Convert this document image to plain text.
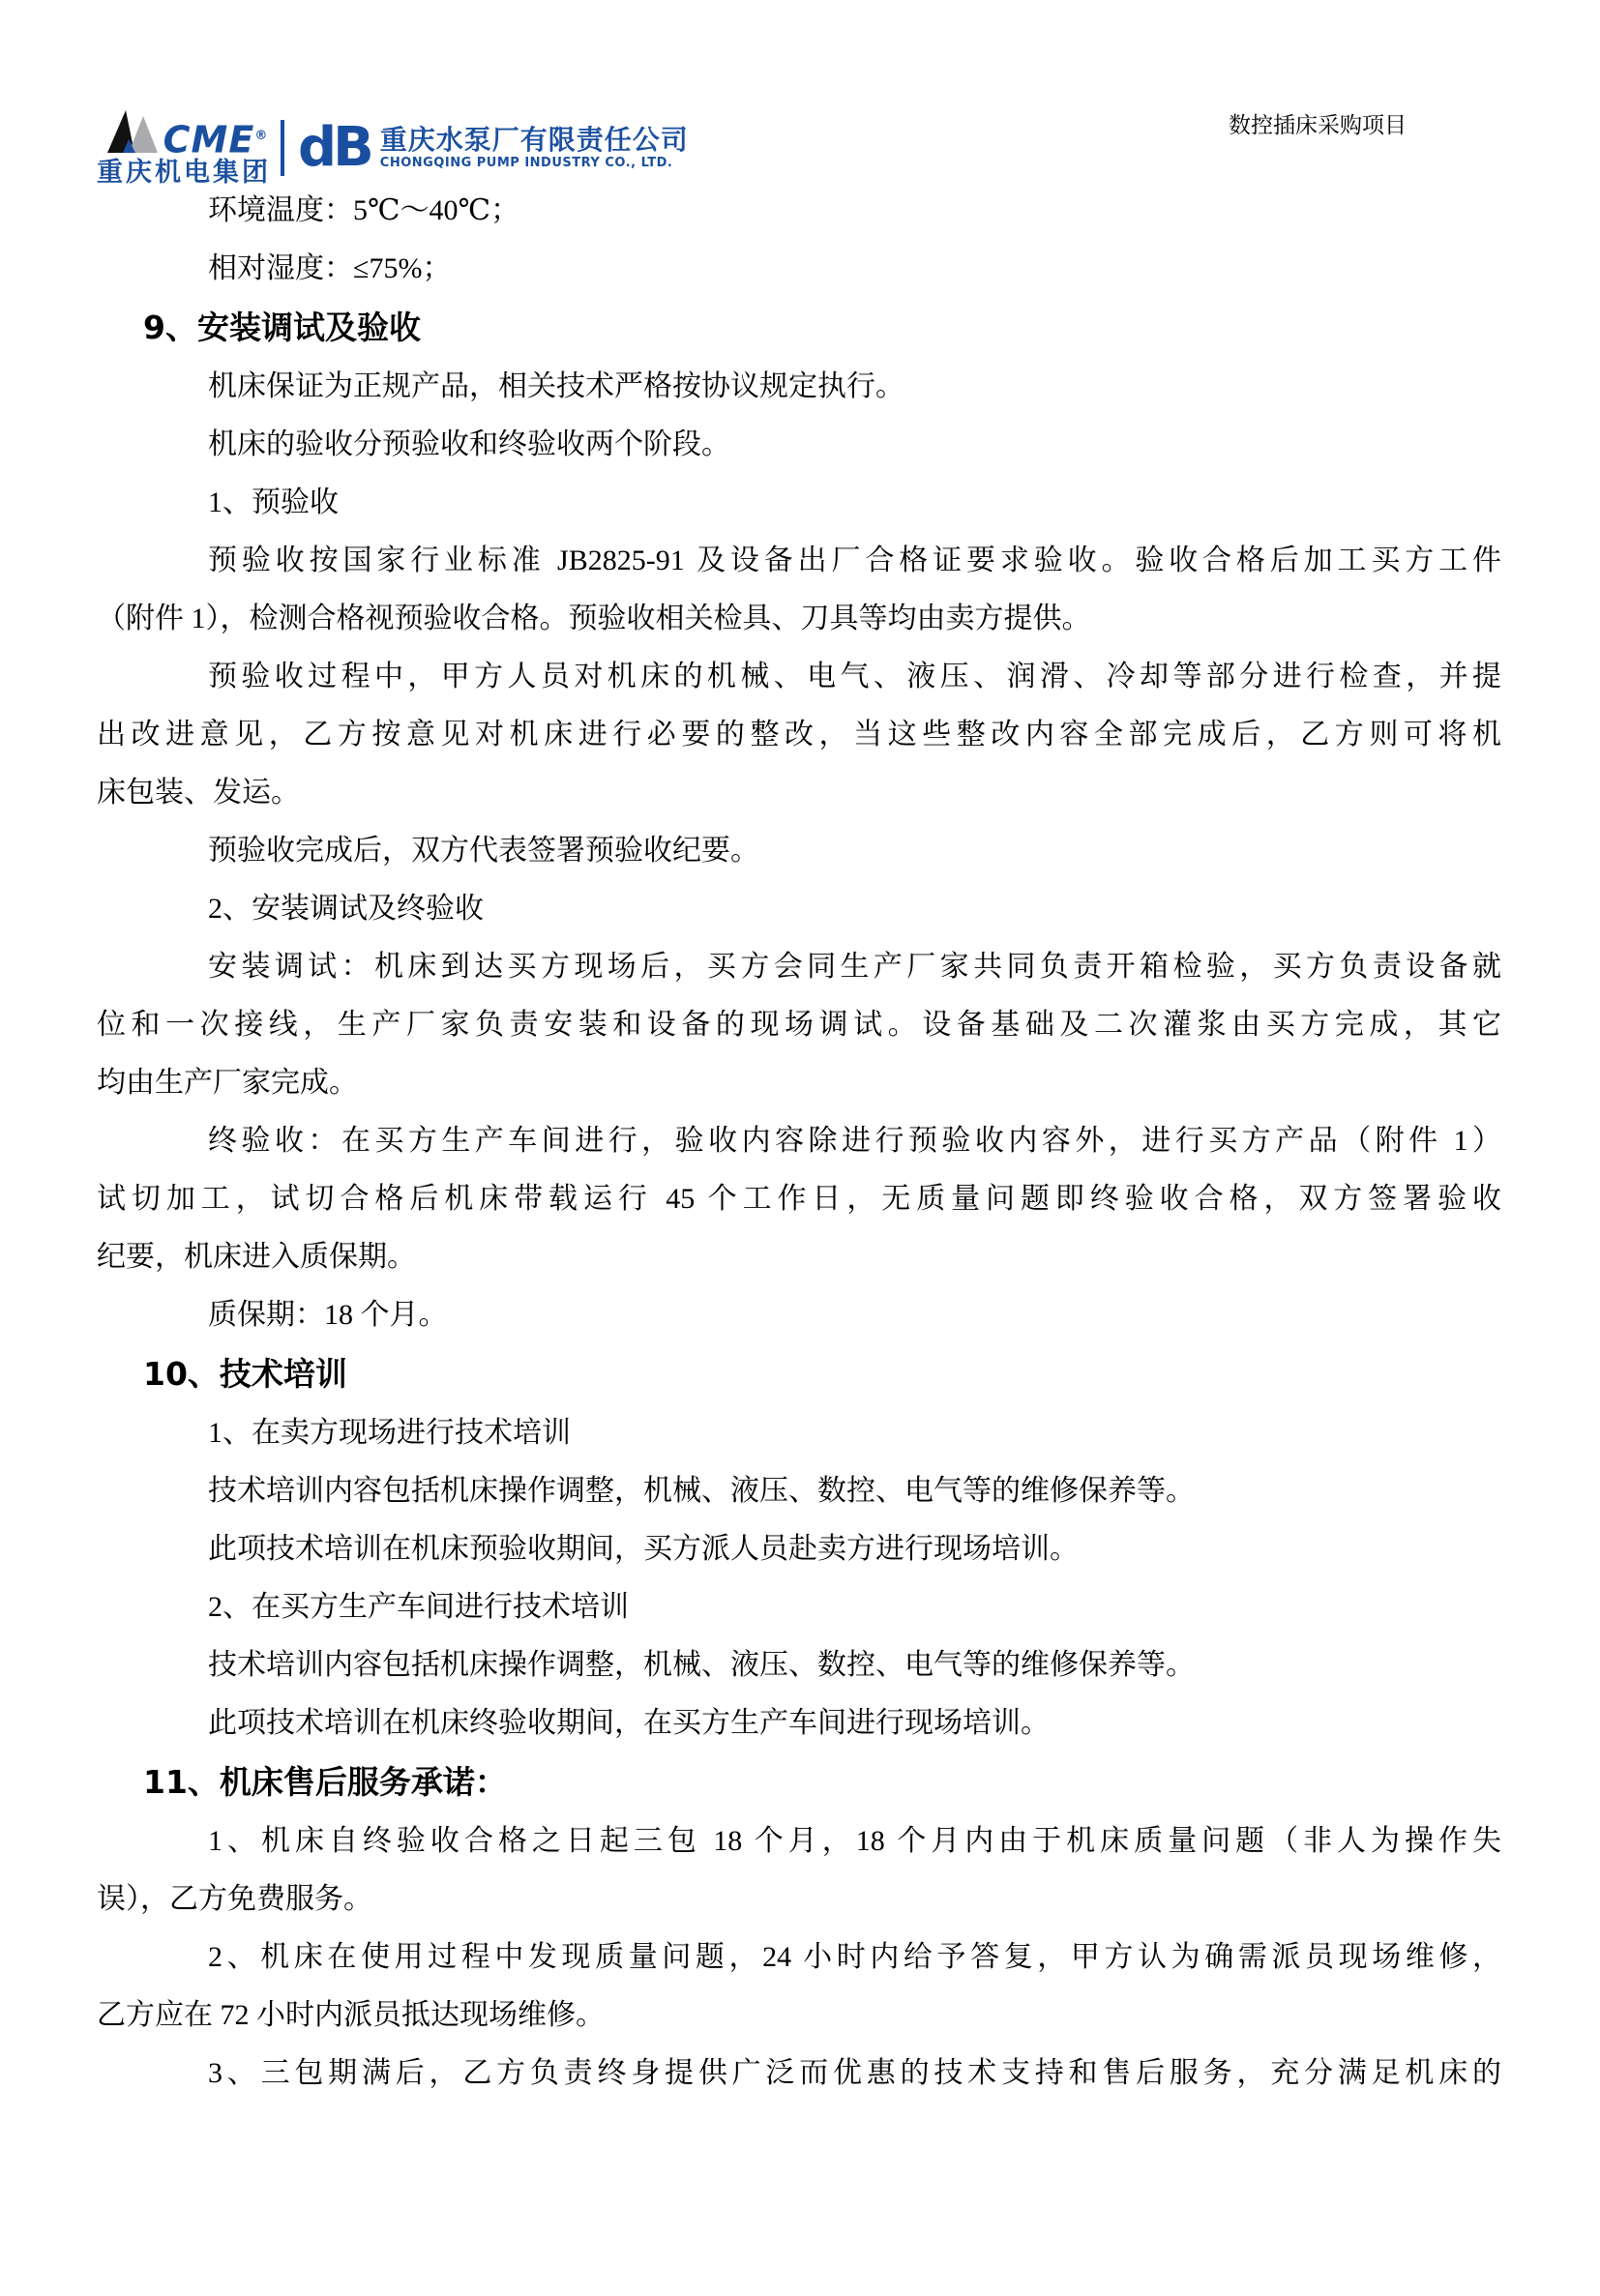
CME®
重庆机电集团 dB 重庆水泵厂有限责任公司
CHONGQING PUMP INDUSTRY CO., LTD.
数控插床采购项目
环境温度：5℃～40℃；
相对湿度：≤75%；
9、安装调试及验收
机床保证为正规产品，相关技术严格按协议规定执行。
机床的验收分预验收和终验收两个阶段。
1、预验收
预验收按国家行业标准 JB2825-91 及设备出厂合格证要求验收。验收合格后加工买方工件
（附件 1），检测合格视预验收合格。预验收相关检具、刀具等均由卖方提供。
预验收过程中，甲方人员对机床的机械、电气、液压、润滑、冷却等部分进行检查，并提
出改进意见，乙方按意见对机床进行必要的整改，当这些整改内容全部完成后，乙方则可将机
床包装、发运。
预验收完成后，双方代表签署预验收纪要。
2、安装调试及终验收
安装调试：机床到达买方现场后，买方会同生产厂家共同负责开箱检验，买方负责设备就
位和一次接线，生产厂家负责安装和设备的现场调试。设备基础及二次灌浆由买方完成，其它
均由生产厂家完成。
终验收：在买方生产车间进行，验收内容除进行预验收内容外，进行买方产品（附件 1）
试切加工，试切合格后机床带载运行 45 个工作日，无质量问题即终验收合格，双方签署验收
纪要，机床进入质保期。
质保期：18 个月。
10、技术培训
1、在卖方现场进行技术培训
技术培训内容包括机床操作调整，机械、液压、数控、电气等的维修保养等。
此项技术培训在机床预验收期间，买方派人员赴卖方进行现场培训。
2、在买方生产车间进行技术培训
技术培训内容包括机床操作调整，机械、液压、数控、电气等的维修保养等。
此项技术培训在机床终验收期间，在买方生产车间进行现场培训。
11、机床售后服务承诺：
1、机床自终验收合格之日起三包 18 个月，18 个月内由于机床质量问题（非人为操作失
误），乙方免费服务。
2、机床在使用过程中发现质量问题，24 小时内给予答复，甲方认为确需派员现场维修，
乙方应在 72 小时内派员抵达现场维修。
3、三包期满后，乙方负责终身提供广泛而优惠的技术支持和售后服务，充分满足机床的
